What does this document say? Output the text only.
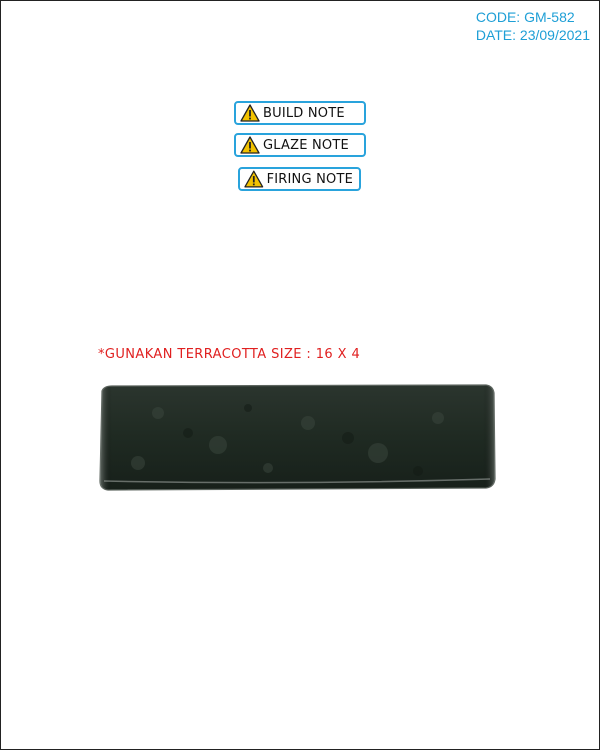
CODE: GM-582
DATE: 23/09/2021
BUILD NOTE
GLAZE NOTE
FIRING NOTE
*GUNAKAN TERRACOTTA SIZE : 16 X 4
